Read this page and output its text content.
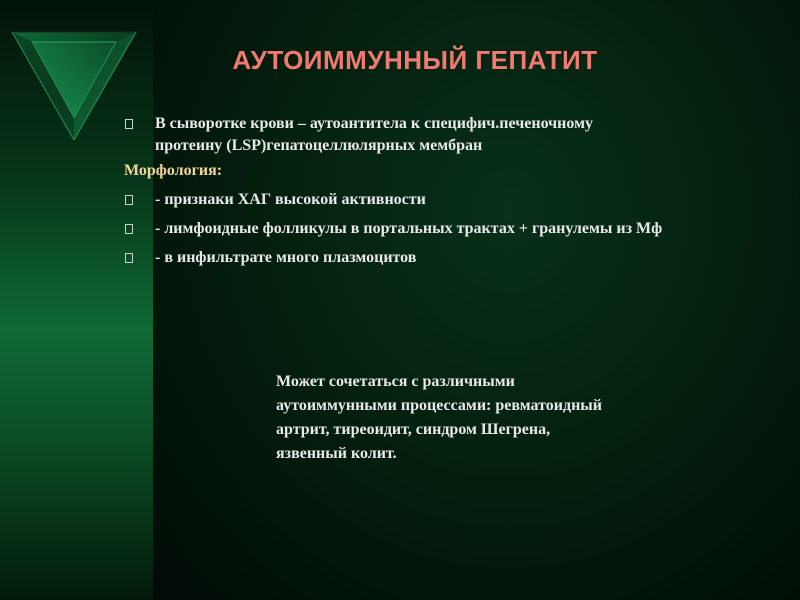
АУТОИММУННЫЙ ГЕПАТИТ
В сыворотке крови – аутоантитела к специфич.печеночному
протеину (LSP)гепатоцеллюлярных мембран
Морфология:
- признаки ХАГ высокой активности
- лимфоидные фолликулы в портальных трактах + гранулемы из Мф
- в инфильтрате много плазмоцитов
Может сочетаться с различными
аутоиммунными процессами: ревматоидный
артрит, тиреоидит, синдром Шегрена,
язвенный колит.
